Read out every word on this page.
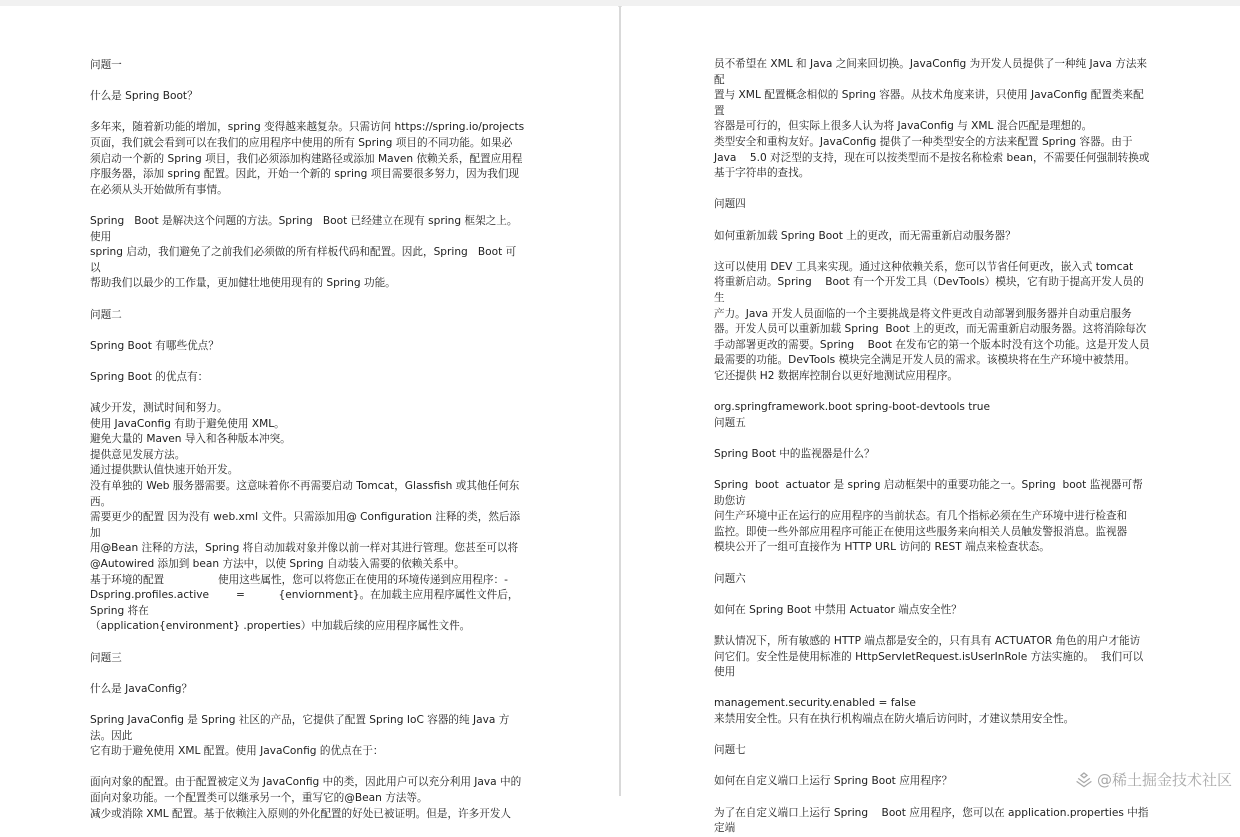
问题一

什么是 Spring Boot？

多年来，随着新功能的增加，spring 变得越来越复杂。只需访问 https://spring.io/projects

页面，我们就会看到可以在我们的应用程序中使用的所有 Spring 项目的不同功能。如果必

须启动一个新的 Spring 项目，我们必须添加构建路径或添加 Maven 依赖关系，配置应用程

序服务器，添加 spring 配置。因此，开始一个新的 spring 项目需要很多努力，因为我们现

在必须从头开始做所有事情。

Spring   Boot 是解决这个问题的方法。Spring   Boot 已经建立在现有 spring 框架之上。使用

spring 启动，我们避免了之前我们必须做的所有样板代码和配置。因此，Spring   Boot 可以

帮助我们以最少的工作量，更加健壮地使用现有的 Spring 功能。

问题二

Spring Boot 有哪些优点？

Spring Boot 的优点有：

减少开发，测试时间和努力。

使用 JavaConfig 有助于避免使用 XML。

避免大量的 Maven 导入和各种版本冲突。

提供意见发展方法。

通过提供默认值快速开始开发。

没有单独的 Web 服务器需要。这意味着你不再需要启动 Tomcat，Glassfish 或其他任何东

西。

需要更少的配置 因为没有 web.xml 文件。只需添加用@ Configuration 注释的类，然后添加

用@Bean 注释的方法，Spring 将自动加载对象并像以前一样对其进行管理。您甚至可以将

@Autowired 添加到 bean 方法中，以使 Spring 自动装入需要的依赖关系中。

基于环境的配置                使用这些属性，您可以将您正在使用的环境传递到应用程序：-

Dspring.profiles.active        =          {enviornment}。在加载主应用程序属性文件后，Spring 将在

（application{environment} .properties）中加载后续的应用程序属性文件。

问题三

什么是 JavaConfig？

Spring JavaConfig 是 Spring 社区的产品，它提供了配置 Spring IoC 容器的纯 Java 方法。因此

它有助于避免使用 XML 配置。使用 JavaConfig 的优点在于：

面向对象的配置。由于配置被定义为 JavaConfig 中的类，因此用户可以充分利用 Java 中的

面向对象功能。一个配置类可以继承另一个，重写它的@Bean 方法等。

减少或消除 XML 配置。基于依赖注入原则的外化配置的好处已被证明。但是，许多开发人

员不希望在 XML 和 Java 之间来回切换。JavaConfig 为开发人员提供了一种纯 Java 方法来配

置与 XML 配置概念相似的 Spring 容器。从技术角度来讲，只使用 JavaConfig 配置类来配置

容器是可行的，但实际上很多人认为将 JavaConfig 与 XML 混合匹配是理想的。

类型安全和重构友好。JavaConfig 提供了一种类型安全的方法来配置 Spring 容器。由于

Java    5.0 对泛型的支持，现在可以按类型而不是按名称检索 bean，不需要任何强制转换或

基于字符串的查找。

问题四

如何重新加载 Spring Boot 上的更改，而无需重新启动服务器？

这可以使用 DEV 工具来实现。通过这种依赖关系，您可以节省任何更改，嵌入式 tomcat

将重新启动。Spring    Boot 有一个开发工具（DevTools）模块，它有助于提高开发人员的生

产力。Java 开发人员面临的一个主要挑战是将文件更改自动部署到服务器并自动重启服务

器。开发人员可以重新加载 Spring  Boot 上的更改，而无需重新启动服务器。这将消除每次

手动部署更改的需要。Spring    Boot 在发布它的第一个版本时没有这个功能。这是开发人员

最需要的功能。DevTools 模块完全满足开发人员的需求。该模块将在生产环境中被禁用。

它还提供 H2 数据库控制台以更好地测试应用程序。

org.springframework.boot spring-boot-devtools true

问题五

Spring Boot 中的监视器是什么？

Spring  boot  actuator 是 spring 启动框架中的重要功能之一。Spring  boot 监视器可帮助您访

问生产环境中正在运行的应用程序的当前状态。有几个指标必须在生产环境中进行检查和

监控。即使一些外部应用程序可能正在使用这些服务来向相关人员触发警报消息。监视器

模块公开了一组可直接作为 HTTP URL 访问的 REST 端点来检查状态。

问题六

如何在 Spring Boot 中禁用 Actuator 端点安全性？

默认情况下，所有敏感的 HTTP 端点都是安全的，只有具有 ACTUATOR 角色的用户才能访

问它们。安全性是使用标准的 HttpServletRequest.isUserInRole 方法实施的。  我们可以使用

management.security.enabled = false

来禁用安全性。只有在执行机构端点在防火墙后访问时，才建议禁用安全性。

问题七

如何在自定义端口上运行 Spring Boot 应用程序？

为了在自定义端口上运行 Spring    Boot 应用程序，您可以在 application.properties 中指定端

@稀土掘金技术社区
